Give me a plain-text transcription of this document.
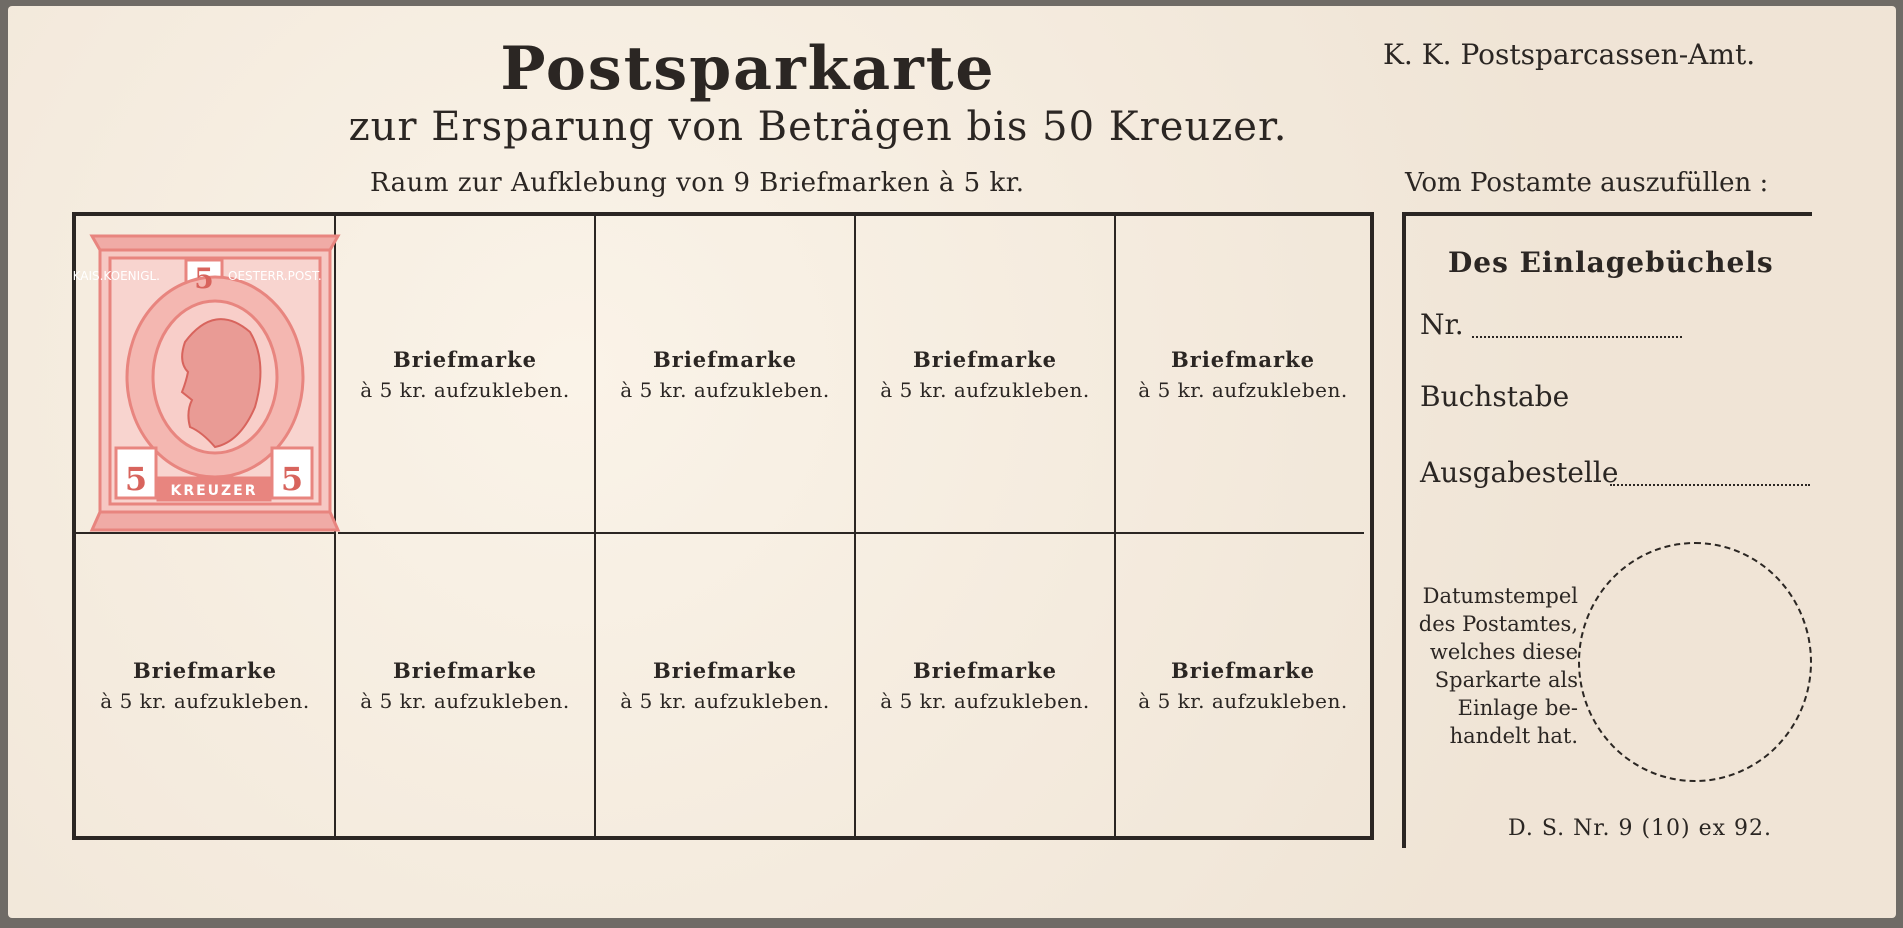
Postsparkarte
zur Ersparung von Beträgen bis 50 Kreuzer.
Raum zur Aufklebung von 9 Briefmarken à 5 kr.
K. K. Postsparcassen-Amt.
Vom Postamte auszufüllen :
5
5	5
KREUZER
KAIS.KOENIGL.	OESTERR.POST.
Briefmarke
à 5 kr. aufzukleben.
Briefmarke
à 5 kr. aufzukleben.
Briefmarke
à 5 kr. aufzukleben.
Briefmarke
à 5 kr. aufzukleben.
Briefmarke
à 5 kr. aufzukleben.
Briefmarke
à 5 kr. aufzukleben.
Briefmarke
à 5 kr. aufzukleben.
Briefmarke
à 5 kr. aufzukleben.
Briefmarke
à 5 kr. aufzukleben.
Des Einlagebüchels
Nr.
Buchstabe
Ausgabestelle
Datumstempel
des Postamtes,
welches diese
Sparkarte als
Einlage be-
handelt hat.
D. S. Nr. 9 (10) ex 92.
